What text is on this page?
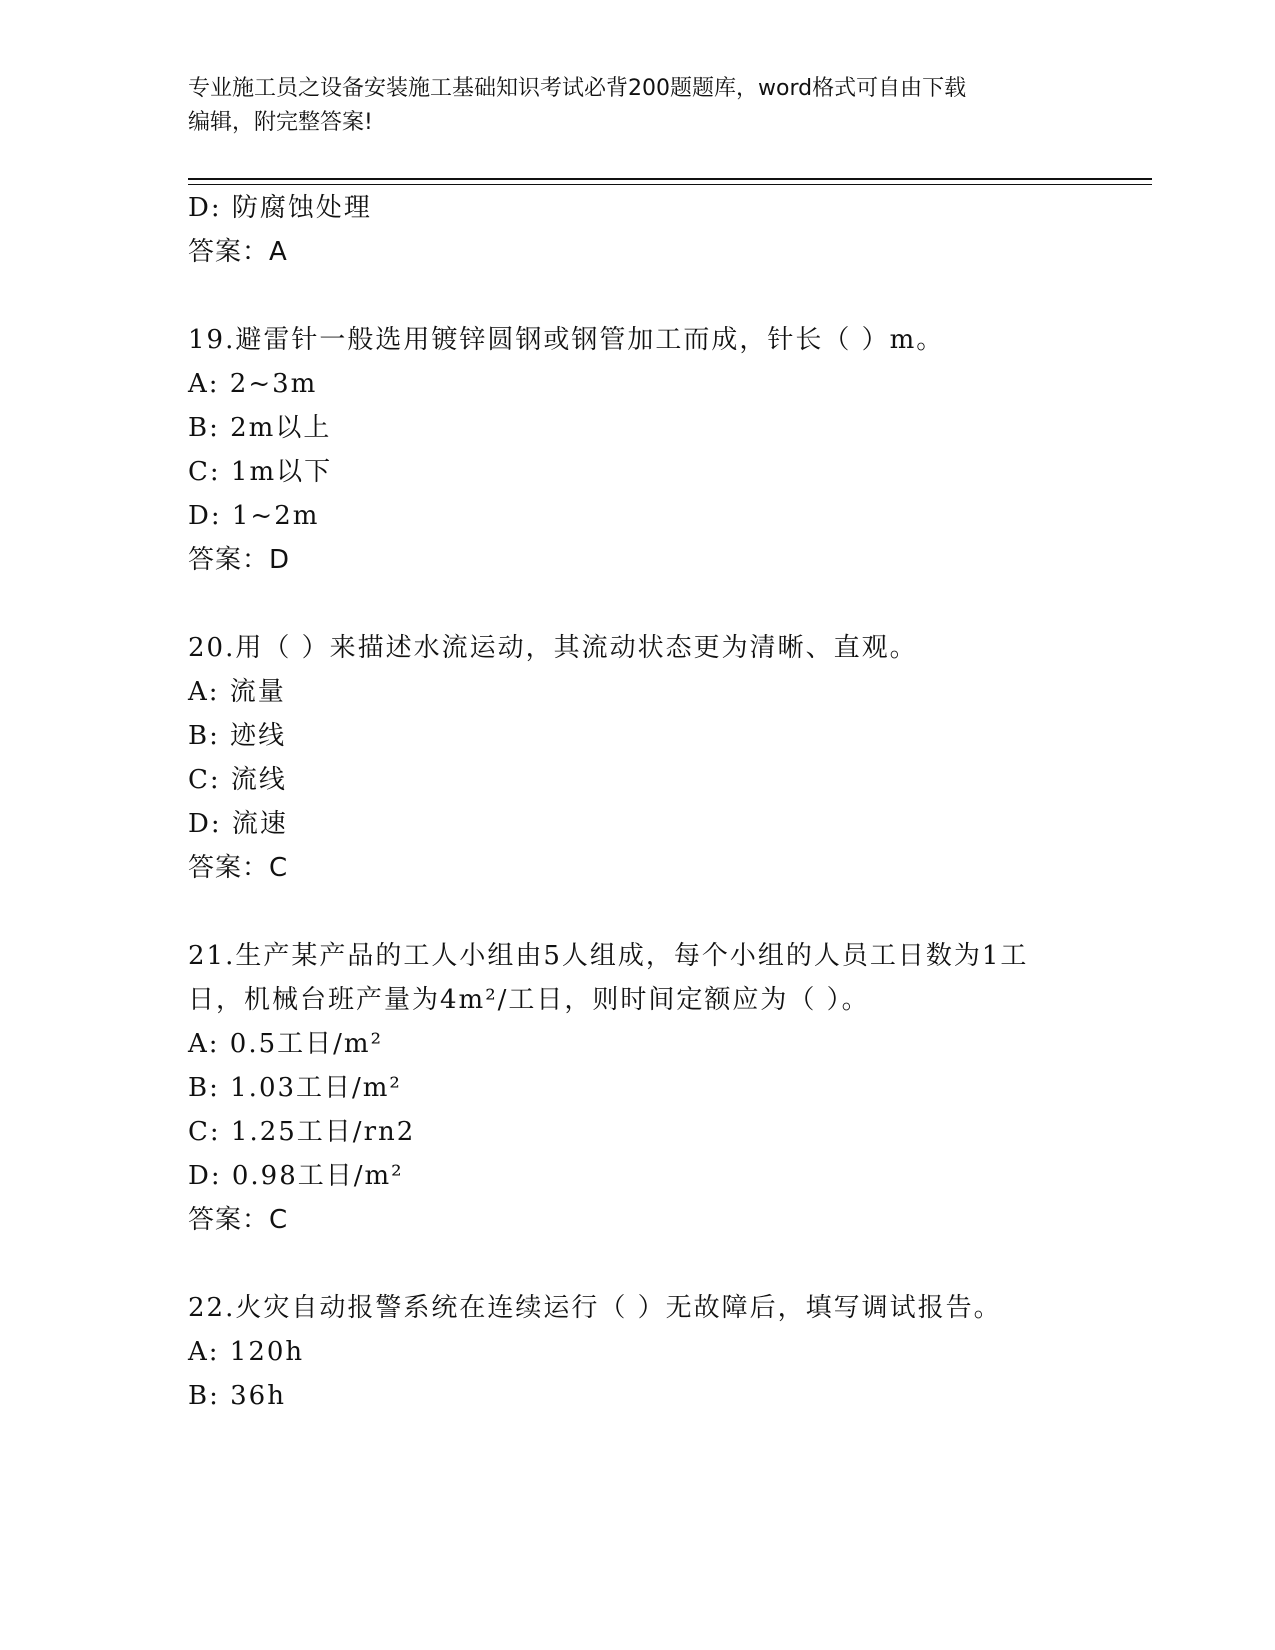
专业施工员之设备安装施工基础知识考试必背200题题库，word格式可自由下载
编辑，附完整答案!
D: 防腐蚀处理
答案：A
19.避雷针一般选用镀锌圆钢或钢管加工而成，针长（ ）m。
A: 2~3m
B: 2m以上
C: 1m以下
D: 1~2m
答案：D
20.用（ ）来描述水流运动，其流动状态更为清晰、直观。
A: 流量
B: 迹线
C: 流线
D: 流速
答案：C
21.生产某产品的工人小组由5人组成，每个小组的人员工日数为1工
日，机械台班产量为4m²/工日，则时间定额应为（ ）。
A: 0.5工日/m²
B: 1.03工日/m²
C: 1.25工日/rn2
D: 0.98工日/m²
答案：C
22.火灾自动报警系统在连续运行（ ）无故障后，填写调试报告。
A: 120h
B: 36h
